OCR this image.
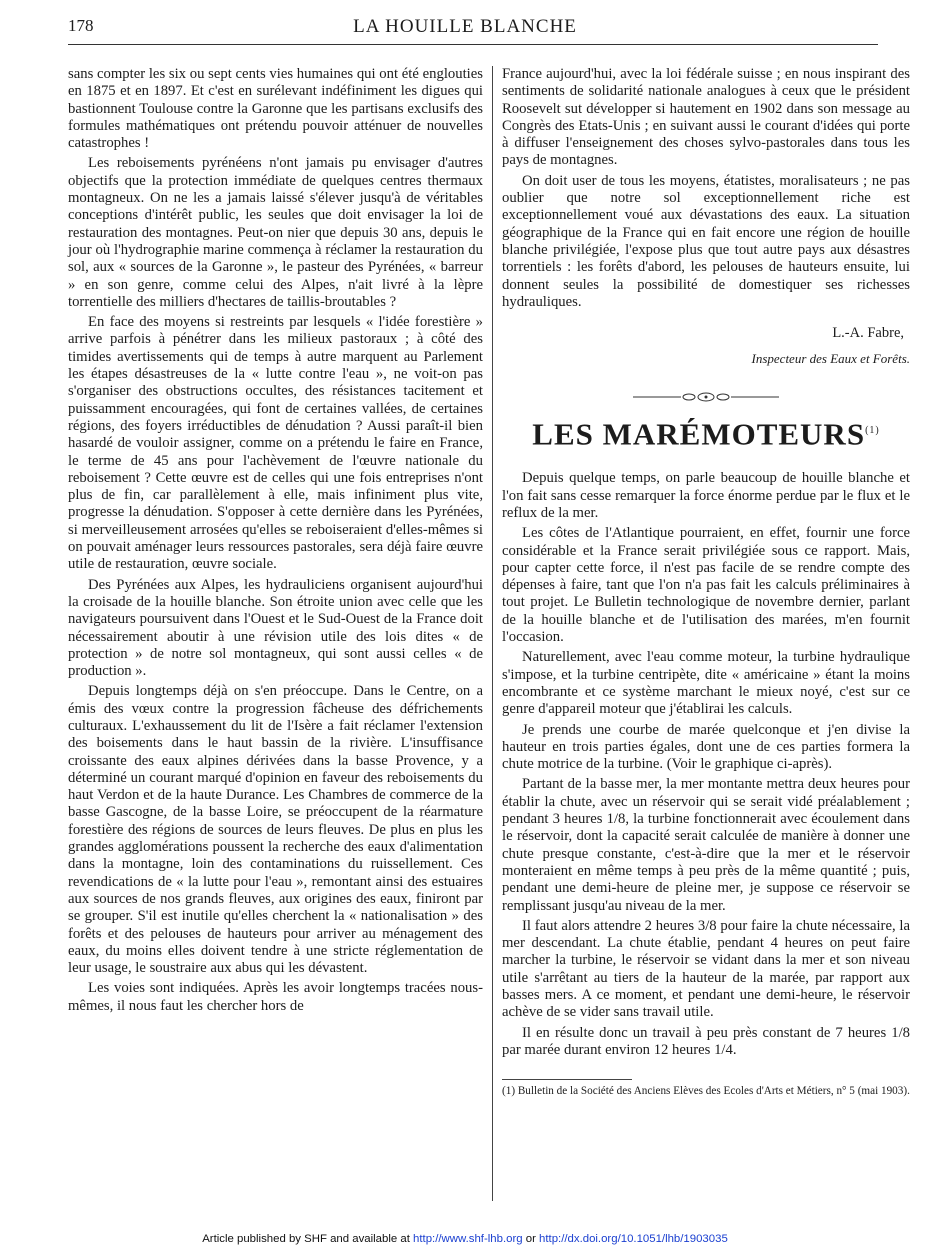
178	LA HOUILLE BLANCHE

sans compter les six ou sept cents vies humaines qui ont été englouties en 1875 et en 1897. Et c'est en surélevant indéfiniment les digues qui bastionnent Toulouse contre la Garonne que les partisans exclusifs des formules mathématiques ont prétendu pouvoir atténuer de nouvelles catastrophes !

Les reboisements pyrénéens n'ont jamais pu envisager d'autres objectifs que la protection immédiate de quelques centres thermaux montagneux. On ne les a jamais laissé s'élever jusqu'à de véritables conceptions d'intérêt public, les seules que doit envisager la loi de restauration des montagnes. Peut-on nier que depuis 30 ans, depuis le jour où l'hydrographie marine commença à réclamer la restauration du sol, aux « sources de la Garonne », le pasteur des Pyrénées, « barreur » en son genre, comme celui des Alpes, n'ait livré à la lèpre torrentielle des milliers d'hectares de taillis-broutables ?

En face des moyens si restreints par lesquels « l'idée forestière » arrive parfois à pénétrer dans les milieux pastoraux ; à côté des timides avertissements qui de temps à autre marquent au Parlement les étapes désastreuses de la « lutte contre l'eau », ne voit-on pas s'organiser des obstructions occultes, des résistances tacitement et puissamment encouragées, qui font de certaines vallées, de certaines régions, des foyers irréductibles de dénudation ? Aussi paraît-il bien hasardé de vouloir assigner, comme on a prétendu le faire en France, le terme de 45 ans pour l'achèvement de l'œuvre nationale du reboisement ? Cette œuvre est de celles qui une fois entreprises n'ont plus de fin, car parallèlement à elle, mais infiniment plus vite, progresse la dénudation. S'opposer à cette dernière dans les Pyrénées, si merveilleusement arrosées qu'elles se reboiseraient d'elles-mêmes si on pouvait aménager leurs ressources pastorales, sera déjà faire œuvre utile de restauration, œuvre sociale.

Des Pyrénées aux Alpes, les hydrauliciens organisent aujourd'hui la croisade de la houille blanche. Son étroite union avec celle que les navigateurs poursuivent dans l'Ouest et le Sud-Ouest de la France doit nécessairement aboutir à une révision utile des lois dites « de protection » de notre sol montagneux, qui sont aussi celles « de production ».

Depuis longtemps déjà on s'en préoccupe. Dans le Centre, on a émis des vœux contre la progression fâcheuse des défrichements culturaux. L'exhaussement du lit de l'Isère a fait réclamer l'extension des boisements dans le haut bassin de la rivière. L'insuffisance croissante des eaux alpines dérivées dans la basse Provence, y a déterminé un courant marqué d'opinion en faveur des reboisements du haut Verdon et de la haute Durance. Les Chambres de commerce de la basse Gascogne, de la basse Loire, se préoccupent de la réarmature forestière des régions de sources de leurs fleuves. De plus en plus les grandes agglomérations poussent la recherche des eaux d'alimentation dans la montagne, loin des contaminations du ruissellement. Ces revendications de « la lutte pour l'eau », remontant ainsi des estuaires aux sources de nos grands fleuves, aux origines des eaux, finiront par se grouper. S'il est inutile qu'elles cherchent la « nationalisation » des forêts et des pelouses de hauteurs pour arriver au ménagement des eaux, du moins elles doivent tendre à une stricte réglementation de leur usage, le soustraire aux abus qui les dévastent.

Les voies sont indiquées. Après les avoir longtemps tracées nous-mêmes, il nous faut les chercher hors de

France aujourd'hui, avec la loi fédérale suisse ; en nous inspirant des sentiments de solidarité nationale analogues à ceux que le président Roosevelt sut développer si hautement en 1902 dans son message au Congrès des Etats-Unis ; en suivant aussi le courant d'idées qui porte à diffuser l'enseignement des choses sylvo-pastorales dans tous les pays de montagnes.

On doit user de tous les moyens, étatistes, moralisateurs ; ne pas oublier que notre sol exceptionnellement riche est exceptionnellement voué aux dévastations des eaux. La situation géographique de la France qui en fait encore une région de houille blanche privilégiée, l'expose plus que tout autre pays aux désastres torrentiels : les forêts d'abord, les pelouses de hauteurs ensuite, lui donnent seules la possibilité de domestiquer ses richesses hydrauliques.

L.-A. Fabre,
Inspecteur des Eaux et Forêts.
LES MARÉMOTEURS$^{(1)}$

Depuis quelque temps, on parle beaucoup de houille blanche et l'on fait sans cesse remarquer la force énorme perdue par le flux et le reflux de la mer.

Les côtes de l'Atlantique pourraient, en effet, fournir une force considérable et la France serait privilégiée sous ce rapport. Mais, pour capter cette force, il n'est pas facile de se rendre compte des dépenses à faire, tant que l'on n'a pas fait les calculs préliminaires à tout projet. Le Bulletin technologique de novembre dernier, parlant de la houille blanche et de l'utilisation des marées, m'en fournit l'occasion.

Naturellement, avec l'eau comme moteur, la turbine hydraulique s'impose, et la turbine centripète, dite « américaine » étant la moins encombrante et ce système marchant le mieux noyé, c'est sur ce genre d'appareil moteur que j'établirai les calculs.

Je prends une courbe de marée quelconque et j'en divise la hauteur en trois parties égales, dont une de ces parties formera la chute motrice de la turbine. (Voir le graphique ci-après).

Partant de la basse mer, la mer montante mettra deux heures pour établir la chute, avec un réservoir qui se serait vidé préalablement ; pendant 3 heures 1/8, la turbine fonctionnerait avec écoulement dans le réservoir, dont la capacité serait calculée de manière à donner une chute presque constante, c'est-à-dire que la mer et le réservoir monteraient en même temps à peu près de la même quantité ; puis, pendant une demi-heure de pleine mer, je suppose ce réservoir se remplissant jusqu'au niveau de la mer.

Il faut alors attendre 2 heures 3/8 pour faire la chute nécessaire, la mer descendant. La chute établie, pendant 4 heures on peut faire marcher la turbine, le réservoir se vidant dans la mer et son niveau utile s'arrêtant au tiers de la hauteur de la marée, par rapport aux basses mers. A ce moment, et pendant une demi-heure, le réservoir achève de se vider sans travail utile.

Il en résulte donc un travail à peu près constant de 7 heures 1/8 par marée durant environ 12 heures 1/4.

(1) Bulletin de la Société des Anciens Elèves des Ecoles d'Arts et Métiers, n° 5 (mai 1903).
Article published by SHF and available at http://www.shf-lhb.org or http://dx.doi.org/10.1051/lhb/1903035
